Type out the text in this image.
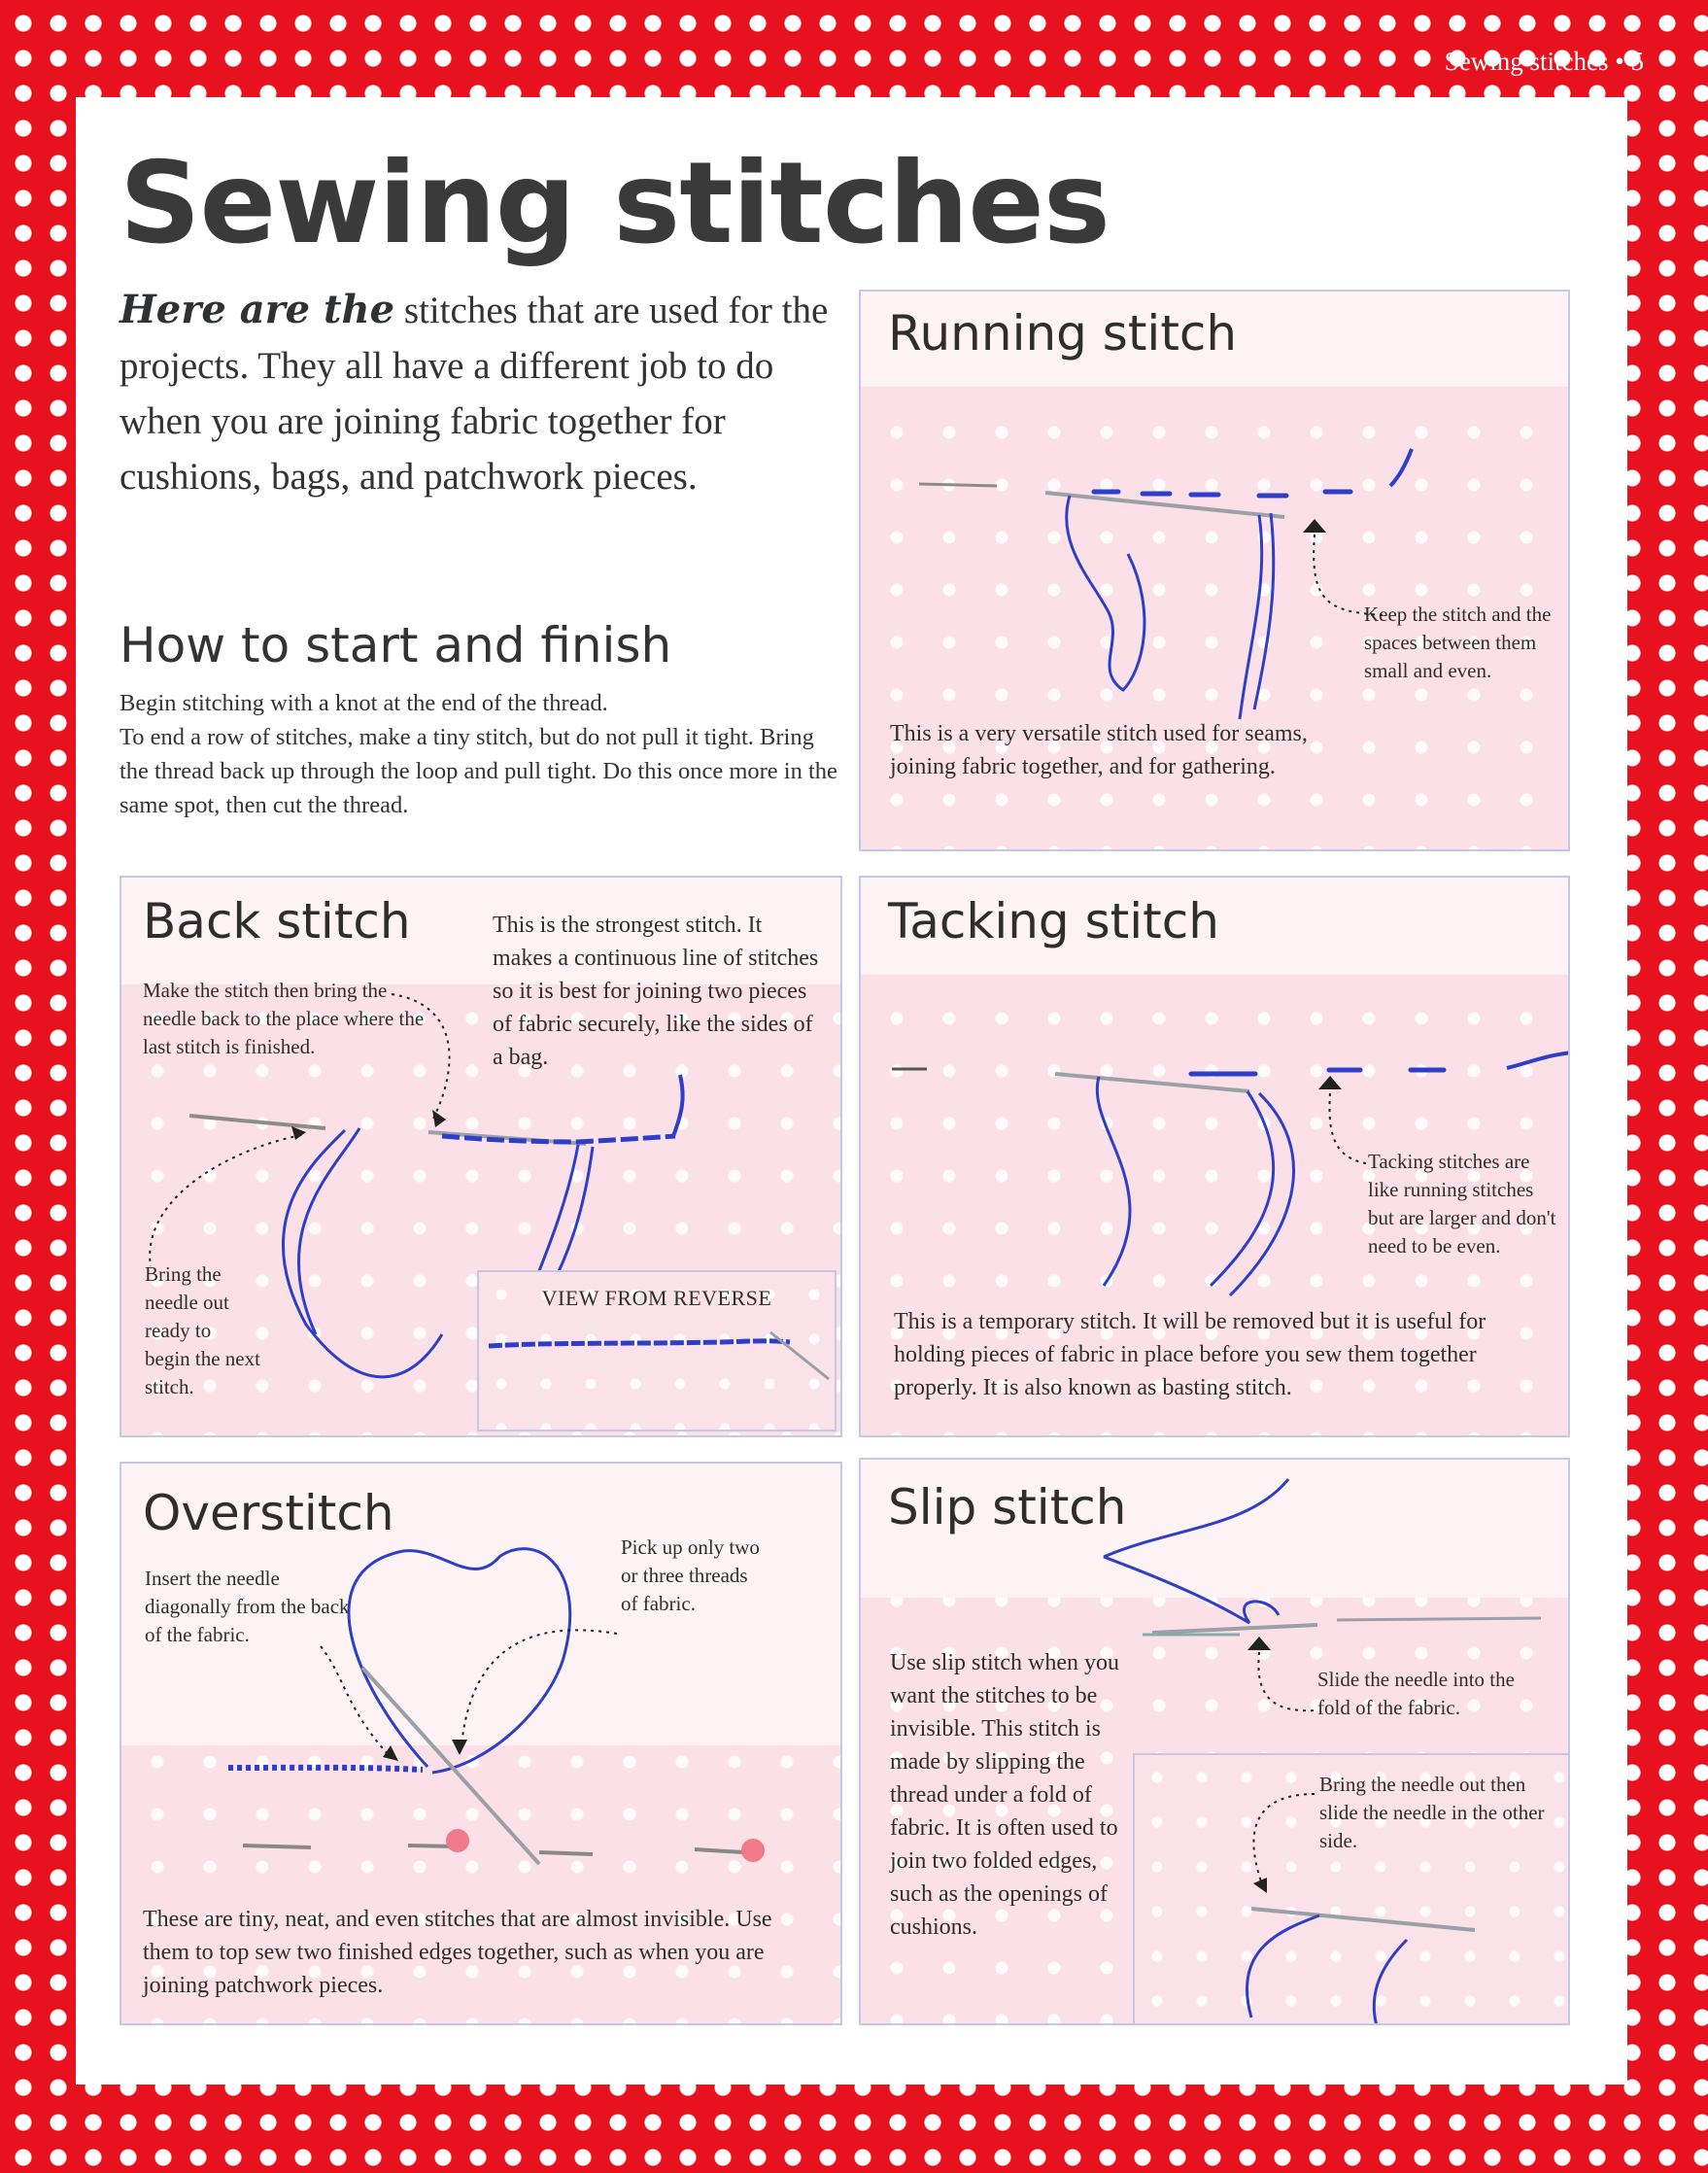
Sewing stitches • 5
Sewing stitches
Here are the stitches that are used for the projects. They all have a different job to do when you are joining fabric together for cushions, bags, and patchwork pieces.
How to start and finish
Begin stitching with a knot at the end of the thread.
To end a row of stitches, make a tiny stitch, but do not pull it tight. Bring the thread back up through the loop and pull tight. Do this once more in the same spot, then cut the thread.
Running stitch
Keep the stitch and the spaces between them small and even.
This is a very versatile stitch used for seams, joining fabric together, and for gathering.
Back stitch	This is the strongest stitch. It makes a continuous line of stitches so it is best for joining two pieces of fabric securely, like the sides of a bag.
Make the stitch then bring the needle back to the place where the last stitch is finished.
Bring the needle out ready to begin the next stitch.
VIEW FROM REVERSE
Tacking stitch
Tacking stitches are like running stitches but are larger and don't need to be even.
This is a temporary stitch. It will be removed but it is useful for holding pieces of fabric in place before you sew them together properly. It is also known as basting stitch.
Overstitch
Insert the needle diagonally from the back of the fabric.
Pick up only two or three threads of fabric.
These are tiny, neat, and even stitches that are almost invisible. Use them to top sew two finished edges together, such as when you are joining patchwork pieces.
Slip stitch
Slide the needle into the fold of the fabric.
Use slip stitch when you want the stitches to be invisible. This stitch is made by slipping the thread under a fold of fabric. It is often used to join two folded edges, such as the openings of cushions.
Bring the needle out then slide the needle in the other side.
